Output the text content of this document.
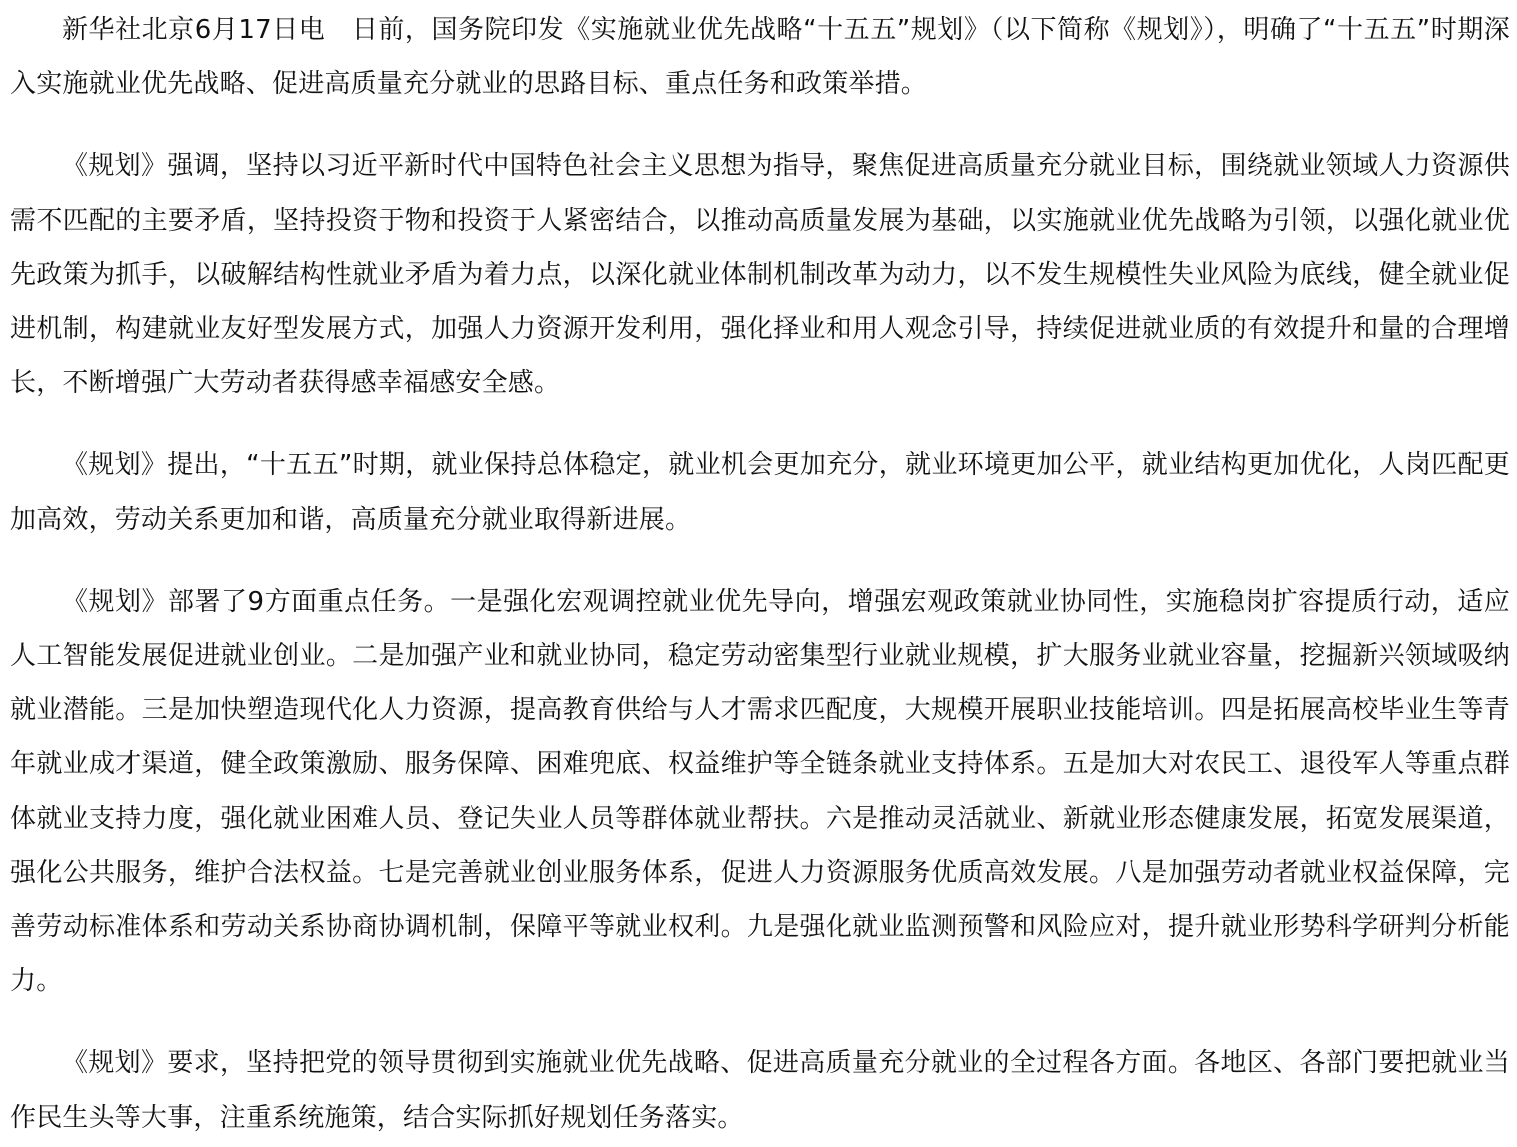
新华社北京6月17日电　日前，国务院印发《实施就业优先战略“十五五”规划》（以下简称《规划》），明确了“十五五”时期深入实施就业优先战略、促进高质量充分就业的思路目标、重点任务和政策举措。

《规划》强调，坚持以习近平新时代中国特色社会主义思想为指导，聚焦促进高质量充分就业目标，围绕就业领域人力资源供需不匹配的主要矛盾，坚持投资于物和投资于人紧密结合，以推动高质量发展为基础，以实施就业优先战略为引领，以强化就业优先政策为抓手，以破解结构性就业矛盾为着力点，以深化就业体制机制改革为动力，以不发生规模性失业风险为底线，健全就业促进机制，构建就业友好型发展方式，加强人力资源开发利用，强化择业和用人观念引导，持续促进就业质的有效提升和量的合理增长，不断增强广大劳动者获得感幸福感安全感。

《规划》提出，“十五五”时期，就业保持总体稳定，就业机会更加充分，就业环境更加公平，就业结构更加优化，人岗匹配更加高效，劳动关系更加和谐，高质量充分就业取得新进展。

《规划》部署了9方面重点任务。一是强化宏观调控就业优先导向，增强宏观政策就业协同性，实施稳岗扩容提质行动，适应人工智能发展促进就业创业。二是加强产业和就业协同，稳定劳动密集型行业就业规模，扩大服务业就业容量，挖掘新兴领域吸纳就业潜能。三是加快塑造现代化人力资源，提高教育供给与人才需求匹配度，大规模开展职业技能培训。四是拓展高校毕业生等青年就业成才渠道，健全政策激励、服务保障、困难兜底、权益维护等全链条就业支持体系。五是加大对农民工、退役军人等重点群体就业支持力度，强化就业困难人员、登记失业人员等群体就业帮扶。六是推动灵活就业、新就业形态健康发展，拓宽发展渠道，强化公共服务，维护合法权益。七是完善就业创业服务体系，促进人力资源服务优质高效发展。八是加强劳动者就业权益保障，完善劳动标准体系和劳动关系协商协调机制，保障平等就业权利。九是强化就业监测预警和风险应对，提升就业形势科学研判分析能力。

《规划》要求，坚持把党的领导贯彻到实施就业优先战略、促进高质量充分就业的全过程各方面。各地区、各部门要把就业当作民生头等大事，注重系统施策，结合实际抓好规划任务落实。
